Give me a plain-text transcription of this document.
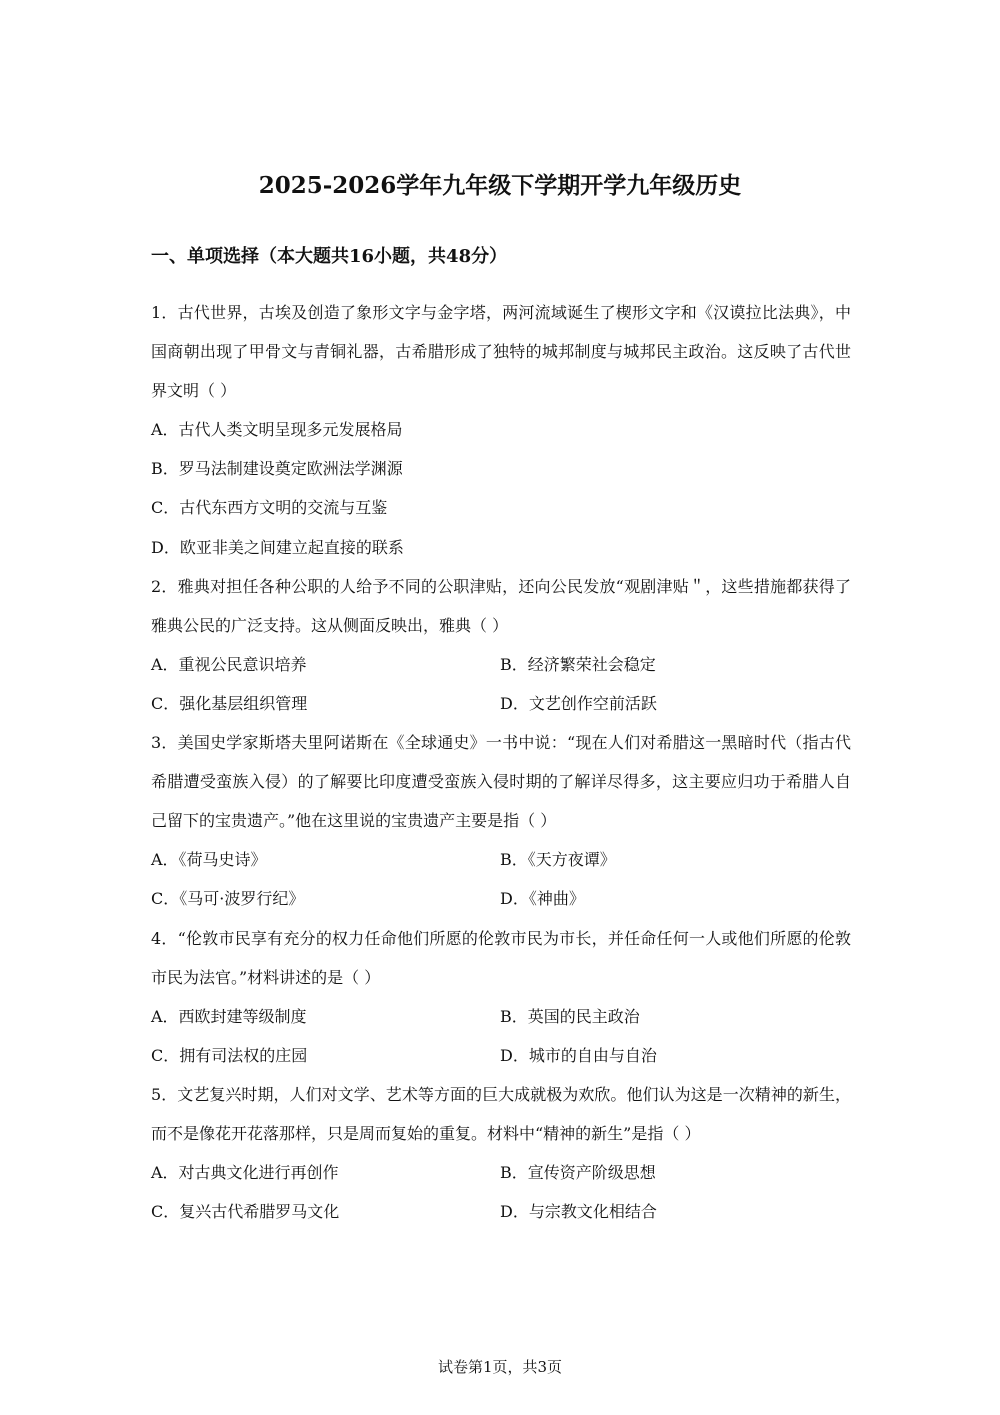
2025-2026学年九年级下学期开学九年级历史
一、单项选择（本大题共16小题，共48分）

1．古代世界，古埃及创造了象形文字与金字塔，两河流域诞生了楔形文字和《汉谟拉比法典》，中国商朝出现了甲骨文与青铜礼器，古希腊形成了独特的城邦制度与城邦民主政治。这反映了古代世界文明（ ）

A．古代人类文明呈现多元发展格局

B．罗马法制建设奠定欧洲法学渊源

C．古代东西方文明的交流与互鉴

D．欧亚非美之间建立起直接的联系

2．雅典对担任各种公职的人给予不同的公职津贴，还向公民发放“观剧津贴＂，这些措施都获得了雅典公民的广泛支持。这从侧面反映出，雅典（ ）

A．重视公民意识培养	B．经济繁荣社会稳定

C．强化基层组织管理	D．文艺创作空前活跃

3．美国史学家斯塔夫里阿诺斯在《全球通史》一书中说：“现在人们对希腊这一黑暗时代（指古代希腊遭受蛮族入侵）的了解要比印度遭受蛮族入侵时期的了解详尽得多，这主要应归功于希腊人自己留下的宝贵遗产。”他在这里说的宝贵遗产主要是指（ ）

A．《荷马史诗》	B．《天方夜谭》

C．《马可·波罗行纪》	D．《神曲》

4．“伦敦市民享有充分的权力任命他们所愿的伦敦市民为市长，并任命任何一人或他们所愿的伦敦市民为法官。”材料讲述的是（ ）

A．西欧封建等级制度	B．英国的民主政治

C．拥有司法权的庄园	D．城市的自由与自治

5．文艺复兴时期，人们对文学、艺术等方面的巨大成就极为欢欣。他们认为这是一次精神的新生，而不是像花开花落那样，只是周而复始的重复。材料中“精神的新生”是指（ ）

A．对古典文化进行再创作	B．宣传资产阶级思想

C．复兴古代希腊罗马文化	D．与宗教文化相结合

试卷第1页，共3页
